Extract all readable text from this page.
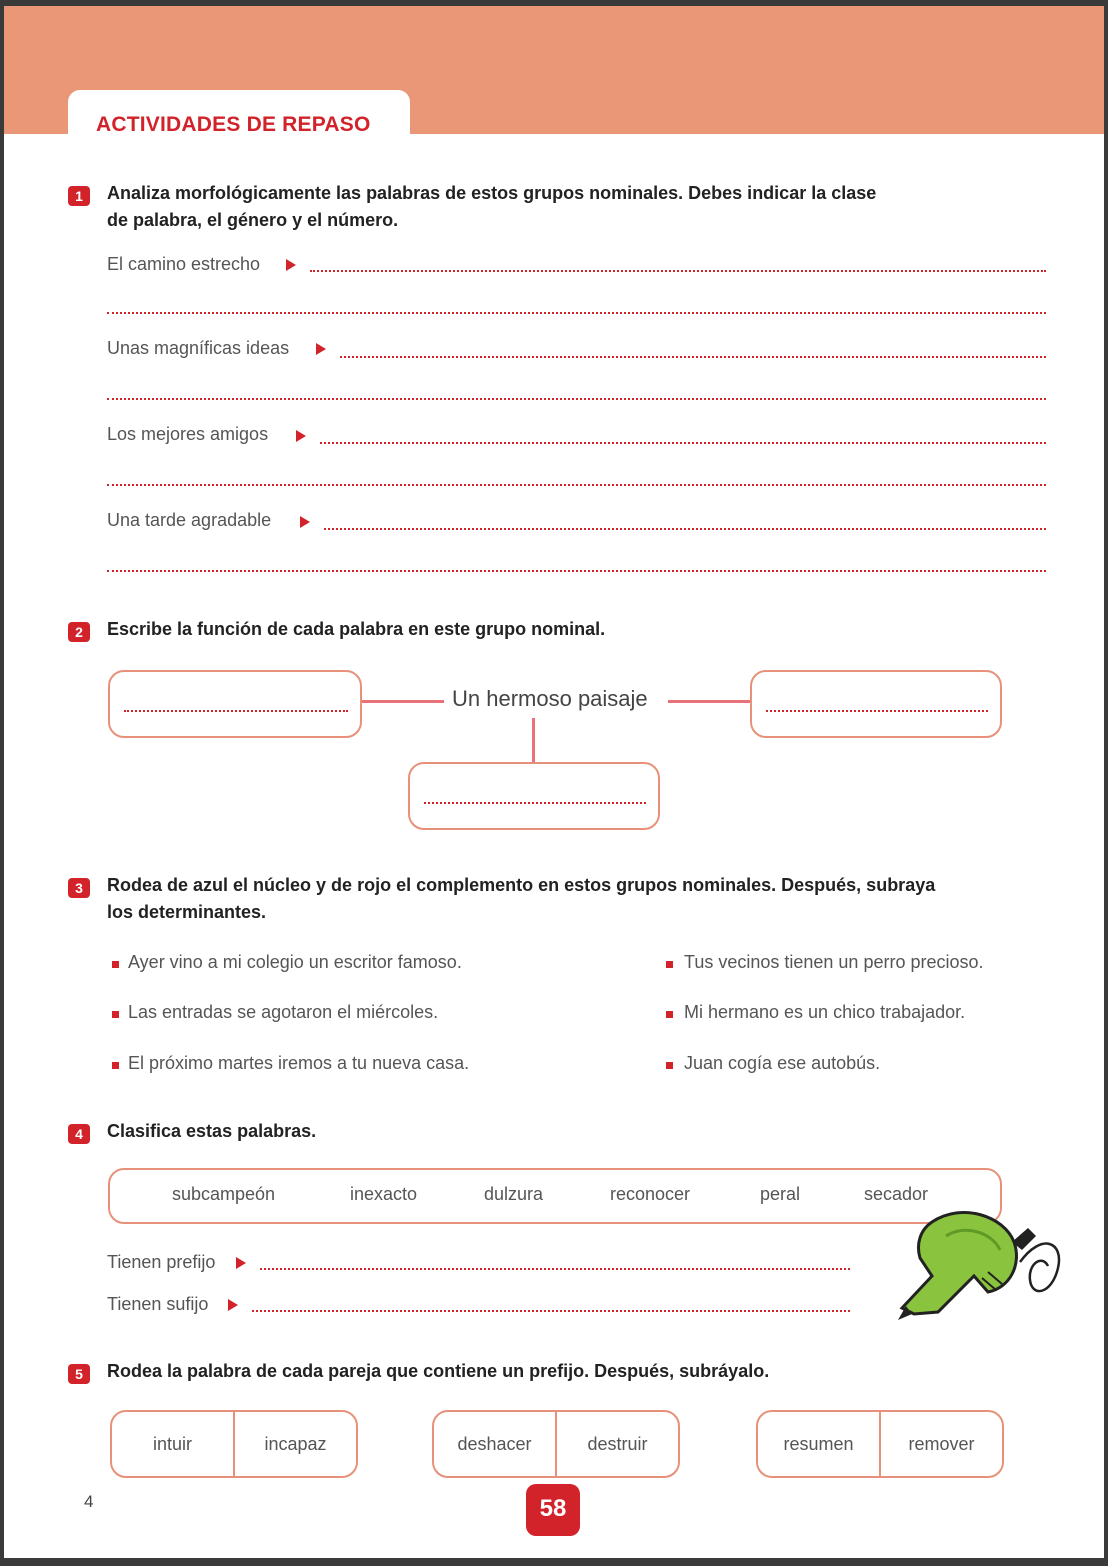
ACTIVIDADES DE REPASO
1	Analiza morfológicamente las palabras de estos grupos nominales. Debes indicar la clase
de palabra, el género y el número.
El camino estrecho
Unas magníficas ideas
Los mejores amigos
Una tarde agradable
2	Escribe la función de cada palabra en este grupo nominal.
Un hermoso paisaje
3	Rodea de azul el núcleo y de rojo el complemento en estos grupos nominales. Después, subraya
los determinantes.
Ayer vino a mi colegio un escritor famoso.
Las entradas se agotaron el miércoles.
El próximo martes iremos a tu nueva casa.
Tus vecinos tienen un perro precioso.
Mi hermano es un chico trabajador.
Juan cogía ese autobús.
4	Clasifica estas palabras.
subcampeón	inexacto	dulzura	reconocer	peral	secador
Tienen prefijo
Tienen sufijo
5	Rodea la palabra de cada pareja que contiene un prefijo. Después, subráyalo.
intuir	incapaz	deshacer	destruir	resumen	remover
4	58
